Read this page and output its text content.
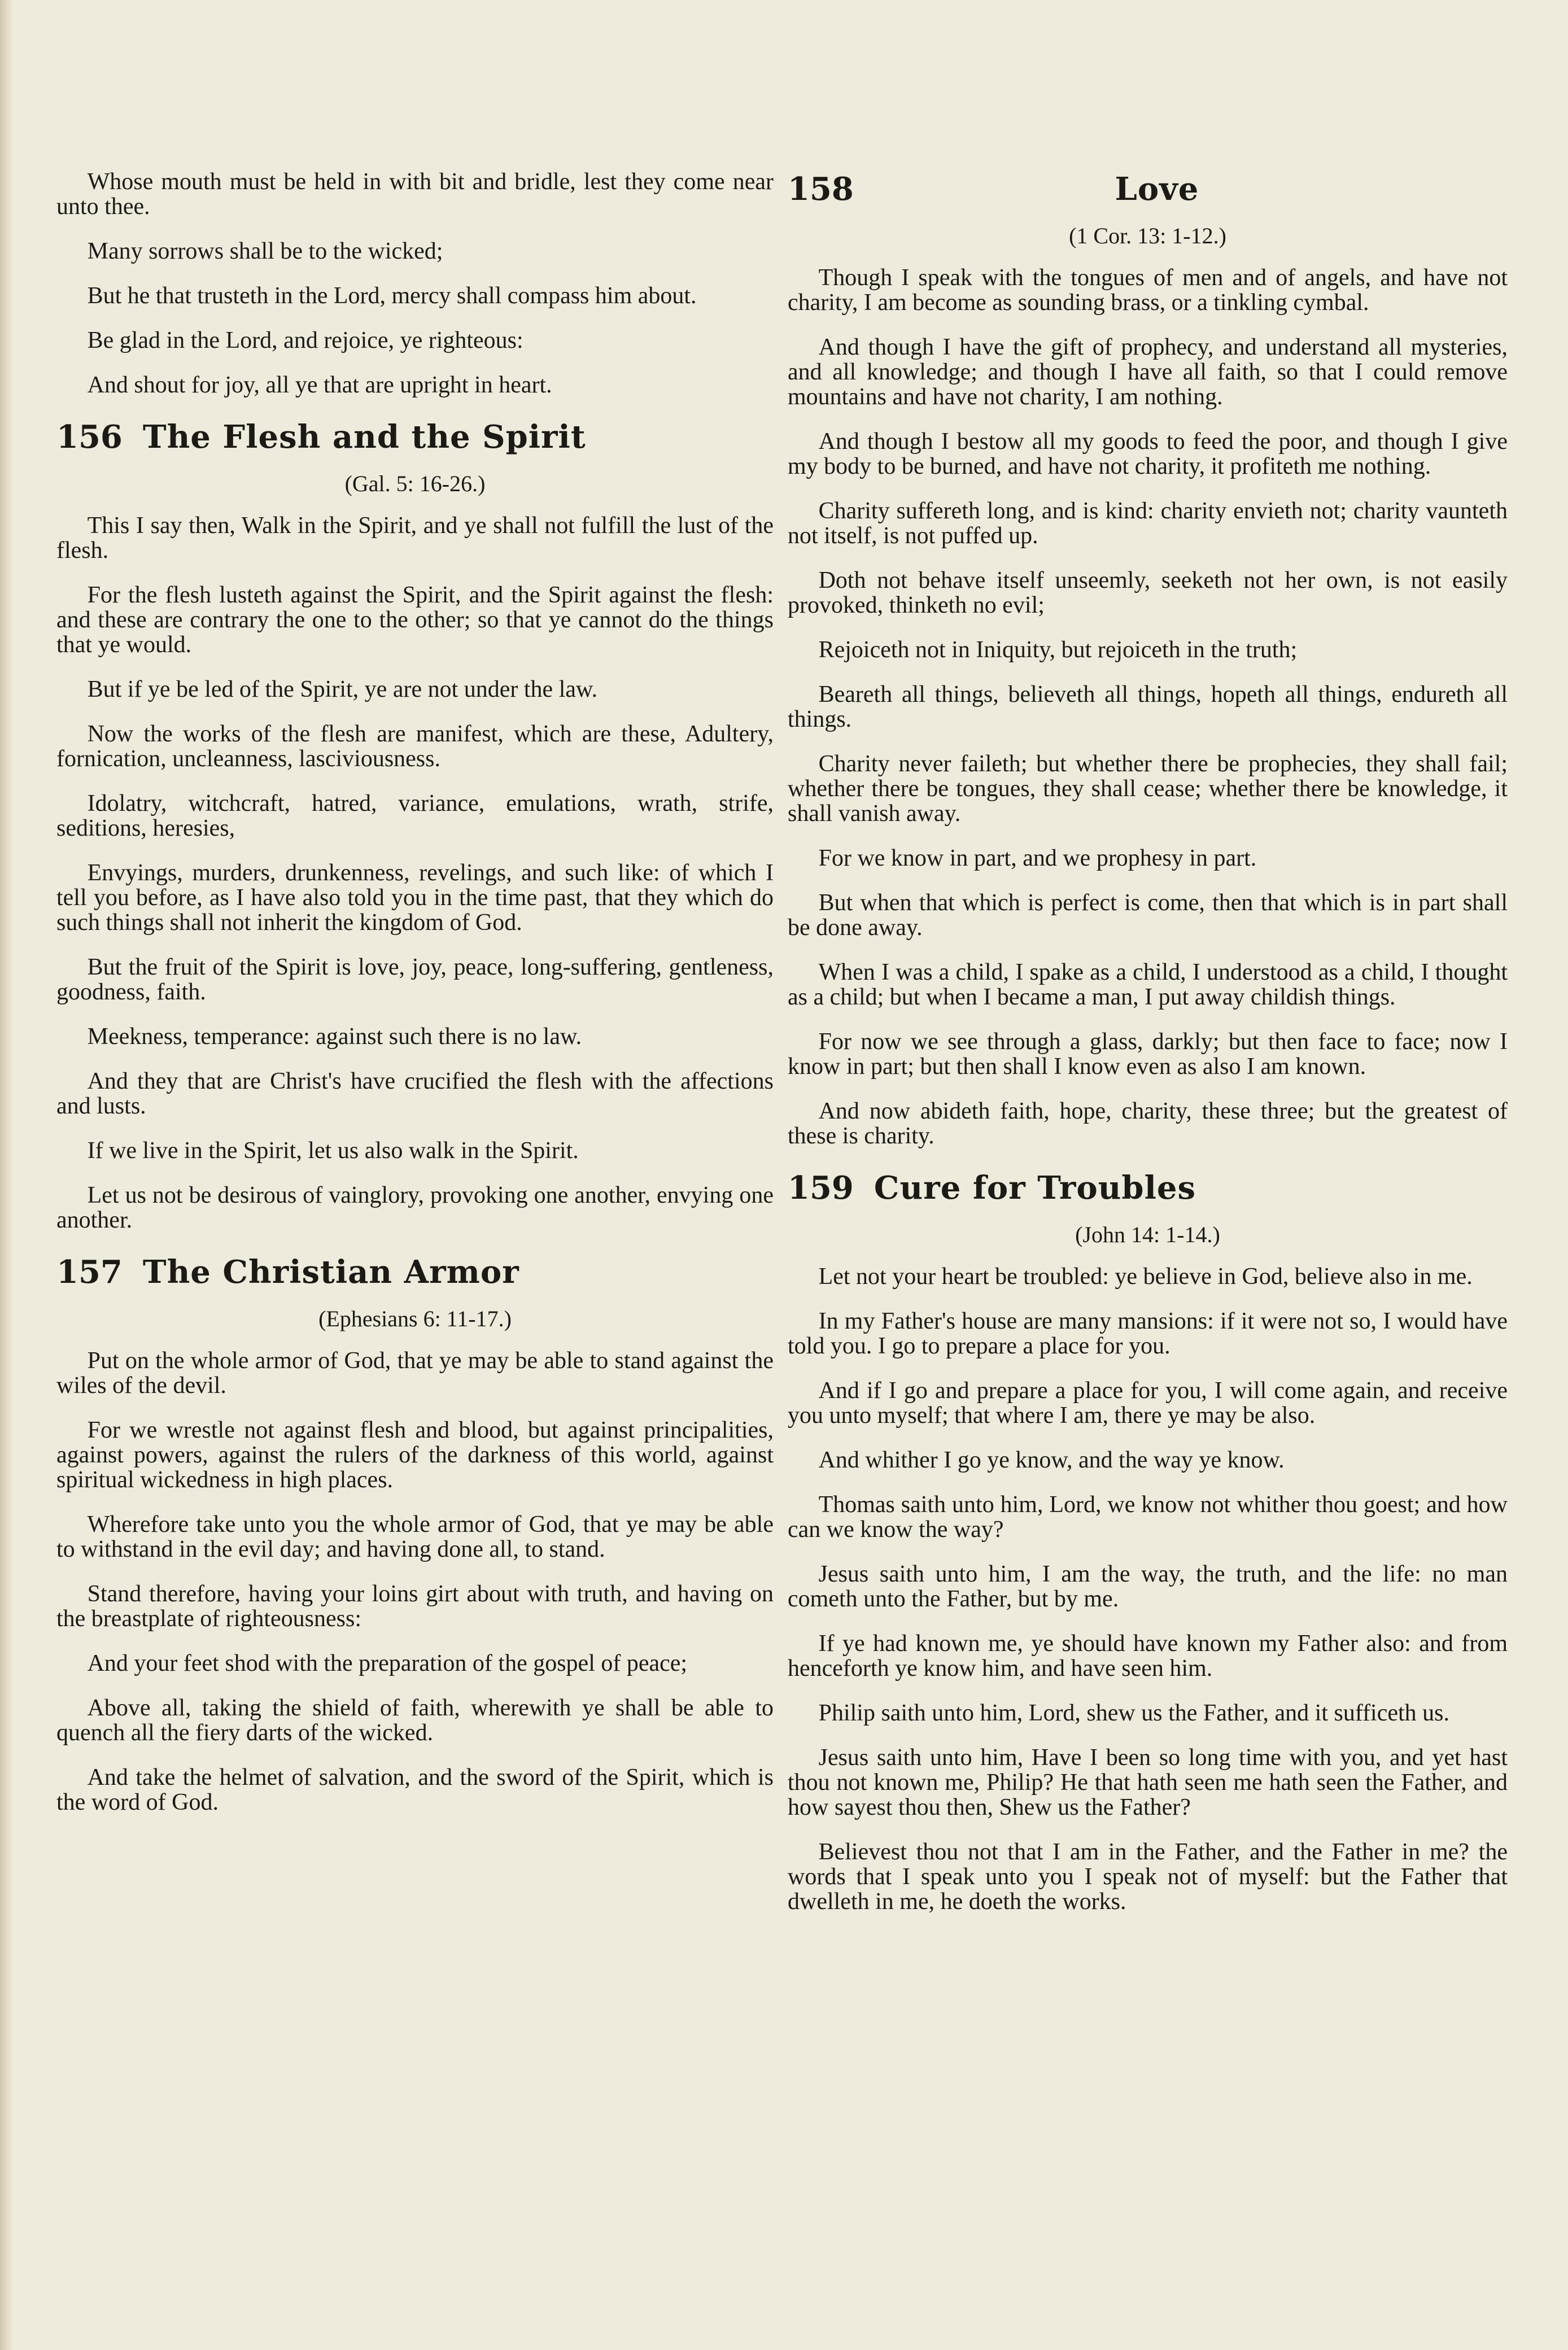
Whose mouth must be held in with bit and bridle, lest they come near unto thee.

Many sorrows shall be to the wicked;

But he that trusteth in the Lord, mercy shall compass him about.

Be glad in the Lord, and rejoice, ye righteous:

And shout for joy, all ye that are upright in heart.

156 The Flesh and the Spirit

(Gal. 5: 16-26.)

This I say then, Walk in the Spirit, and ye shall not fulfill the lust of the flesh.

For the flesh lusteth against the Spirit, and the Spirit against the flesh: and these are contrary the one to the other; so that ye cannot do the things that ye would.

But if ye be led of the Spirit, ye are not under the law.

Now the works of the flesh are manifest, which are these, Adultery, fornication, uncleanness, lasciviousness.

Idolatry, witchcraft, hatred, variance, emulations, wrath, strife, seditions, heresies,

Envyings, murders, drunkenness, revelings, and such like: of which I tell you before, as I have also told you in the time past, that they which do such things shall not inherit the kingdom of God.

But the fruit of the Spirit is love, joy, peace, long-suffering, gentleness, goodness, faith.

Meekness, temperance: against such there is no law.

And they that are Christ's have crucified the flesh with the affections and lusts.

If we live in the Spirit, let us also walk in the Spirit.

Let us not be desirous of vainglory, provoking one another, envying one another.

157 The Christian Armor

(Ephesians 6: 11-17.)

Put on the whole armor of God, that ye may be able to stand against the wiles of the devil.

For we wrestle not against flesh and blood, but against principalities, against powers, against the rulers of the darkness of this world, against spiritual wickedness in high places.

Wherefore take unto you the whole armor of God, that ye may be able to withstand in the evil day; and having done all, to stand.

Stand therefore, having your loins girt about with truth, and having on the breastplate of righteousness:

And your feet shod with the preparation of the gospel of peace;

Above all, taking the shield of faith, wherewith ye shall be able to quench all the fiery darts of the wicked.

And take the helmet of salvation, and the sword of the Spirit, which is the word of God.

158	Love

(1 Cor. 13: 1-12.)

Though I speak with the tongues of men and of angels, and have not charity, I am become as sounding brass, or a tinkling cymbal.

And though I have the gift of prophecy, and understand all mysteries, and all knowledge; and though I have all faith, so that I could remove mountains and have not charity, I am nothing.

And though I bestow all my goods to feed the poor, and though I give my body to be burned, and have not charity, it profiteth me nothing.

Charity suffereth long, and is kind: charity envieth not; charity vaunteth not itself, is not puffed up.

Doth not behave itself unseemly, seeketh not her own, is not easily provoked, thinketh no evil;

Rejoiceth not in Iniquity, but rejoiceth in the truth;

Beareth all things, believeth all things, hopeth all things, endureth all things.

Charity never faileth; but whether there be prophecies, they shall fail; whether there be tongues, they shall cease; whether there be knowledge, it shall vanish away.

For we know in part, and we prophesy in part.

But when that which is perfect is come, then that which is in part shall be done away.

When I was a child, I spake as a child, I understood as a child, I thought as a child; but when I became a man, I put away childish things.

For now we see through a glass, darkly; but then face to face; now I know in part; but then shall I know even as also I am known.

And now abideth faith, hope, charity, these three; but the greatest of these is charity.

159 Cure for Troubles

(John 14: 1-14.)

Let not your heart be troubled: ye believe in God, believe also in me.

In my Father's house are many mansions: if it were not so, I would have told you. I go to prepare a place for you.

And if I go and prepare a place for you, I will come again, and receive you unto myself; that where I am, there ye may be also.

And whither I go ye know, and the way ye know.

Thomas saith unto him, Lord, we know not whither thou goest; and how can we know the way?

Jesus saith unto him, I am the way, the truth, and the life: no man cometh unto the Father, but by me.

If ye had known me, ye should have known my Father also: and from henceforth ye know him, and have seen him.

Philip saith unto him, Lord, shew us the Father, and it sufficeth us.

Jesus saith unto him, Have I been so long time with you, and yet hast thou not known me, Philip? He that hath seen me hath seen the Father, and how sayest thou then, Shew us the Father?

Believest thou not that I am in the Father, and the Father in me? the words that I speak unto you I speak not of myself: but the Father that dwelleth in me, he doeth the works.
